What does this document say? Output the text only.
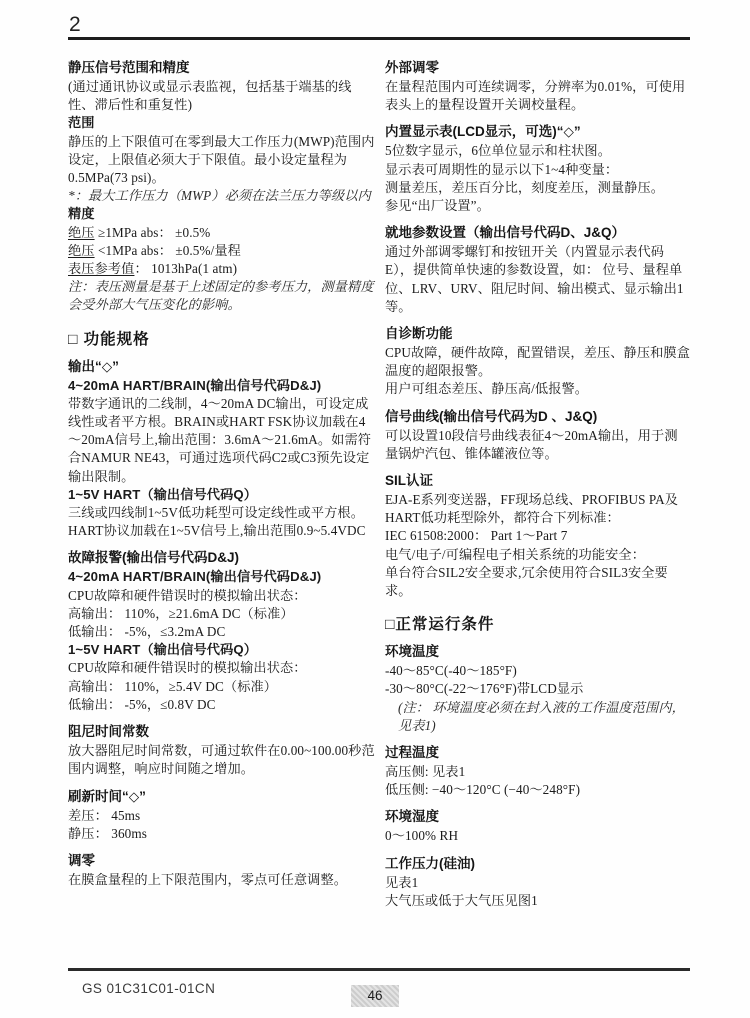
2
静压信号范围和精度

(通过通讯协议或显示表监视，包括基于端基的线性、滞后性和重复性)

范围

静压的上下限值可在零到最大工作压力(MWP)范围内设定，上限值必须大于下限值。最小设定量程为0.5MPa(73 psi)。

*：最大工作压力（MWP）必须在法兰压力等级以内

精度

绝压 ≥1MPa abs： ±0.5%

绝压 <1MPa abs： ±0.5%/量程

表压参考值： 1013hPa(1 atm)

注：表压测量是基于上述固定的参考压力，测量精度会受外部大气压变化的影响。

□ 功能规格
输出“◇”

4~20mA HART/BRAIN(输出信号代码D&J)

带数字通讯的二线制，4～20mA DC输出，可设定成线性或者平方根。BRAIN或HART FSK协议加载在4～20mA信号上,输出范围：3.6mA～21.6mA。如需符合NAMUR NE43，可通过选项代码C2或C3预先设定输出限制。

1~5V HART（输出信号代码Q）

三线或四线制1~5V低功耗型可设定线性或平方根。HART协议加载在1~5V信号上,输出范围0.9~5.4VDC

故障报警(输出信号代码D&J)

4~20mA HART/BRAIN(输出信号代码D&J)

CPU故障和硬件错误时的模拟输出状态：

高输出： 110%，≥21.6mA DC（标准）

低输出： -5%，≤3.2mA DC

1~5V HART（输出信号代码Q）

CPU故障和硬件错误时的模拟输出状态：

高输出： 110%，≥5.4V DC（标准）

低输出： -5%，≤0.8V DC

阻尼时间常数

放大器阻尼时间常数，可通过软件在0.00~100.00秒范围内调整，响应时间随之增加。

刷新时间“◇”

差压： 45ms

静压： 360ms

调零

在膜盒量程的上下限范围内，零点可任意调整。

外部调零

在量程范围内可连续调零，分辨率为0.01%，可使用表头上的量程设置开关调校量程。

内置显示表(LCD显示，可选)“◇”

5位数字显示，6位单位显示和柱状图。

显示表可周期性的显示以下1~4种变量：

测量差压，差压百分比，刻度差压，测量静压。

参见“出厂设置”。

就地参数设置（输出信号代码D、J&Q）

通过外部调零螺钉和按钮开关（内置显示表代码E），提供简单快速的参数设置，如： 位号、量程单位、LRV、URV、阻尼时间、输出模式、显示输出1等。

自诊断功能

CPU故障，硬件故障，配置错误，差压、静压和膜盒温度的超限报警。

用户可组态差压、静压高/低报警。

信号曲线(输出信号代码为D 、J&Q)

可以设置10段信号曲线表征4～20mA输出，用于测量锅炉汽包、锥体罐液位等。

SIL认证

EJA-E系列变送器，FF现场总线、PROFIBUS PA及HART低功耗型除外，都符合下列标准：

IEC 61508:2000： Part 1～Part 7

电气/电子/可编程电子相关系统的功能安全：

单台符合SIL2安全要求,冗余使用符合SIL3安全要求。

□正常运行条件
环境温度

-40～85°C(-40～185°F)

-30～80°C(-22～176°F)带LCD显示

(注： 环境温度必须在封入液的工作温度范围内，见表1)

过程温度

高压侧: 见表1

低压侧: −40～120°C (−40～248°F)

环境湿度

0～100% RH

工作压力(硅油)

见表1

大气压或低于大气压见图1

GS 01C31C01-01CN	46
